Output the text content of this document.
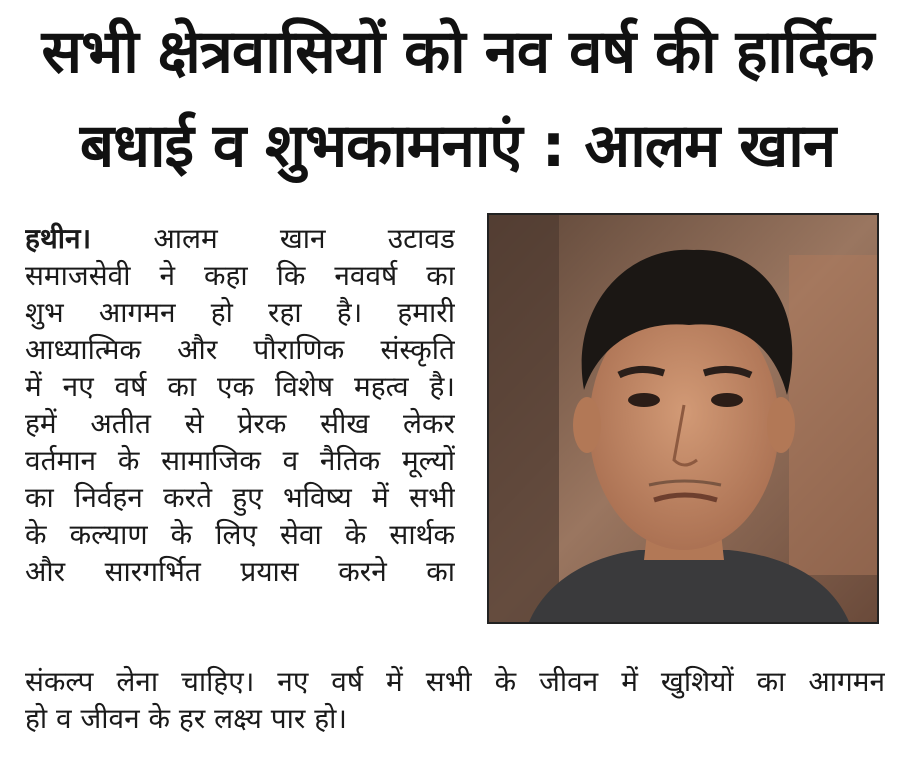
सभी क्षेत्रवासियों को नव वर्ष की हार्दिक
बधाई व शुभकामनाएं : आलम खान
हथीन। आलम खान उटावड
समाजसेवी ने कहा कि नववर्ष का
शुभ आगमन हो रहा है। हमारी
आध्यात्मिक और पौराणिक संस्कृति
में नए वर्ष का एक विशेष महत्व है।
हमें अतीत से प्रेरक सीख लेकर
वर्तमान के सामाजिक व नैतिक मूल्यों
का निर्वहन करते हुए भविष्य में सभी
के कल्याण के लिए सेवा के सार्थक
और सारगर्भित प्रयास करने का
संकल्प लेना चाहिए। नए वर्ष में सभी के जीवन में खुशियों का आगमन
हो व जीवन के हर लक्ष्य पार हो।
